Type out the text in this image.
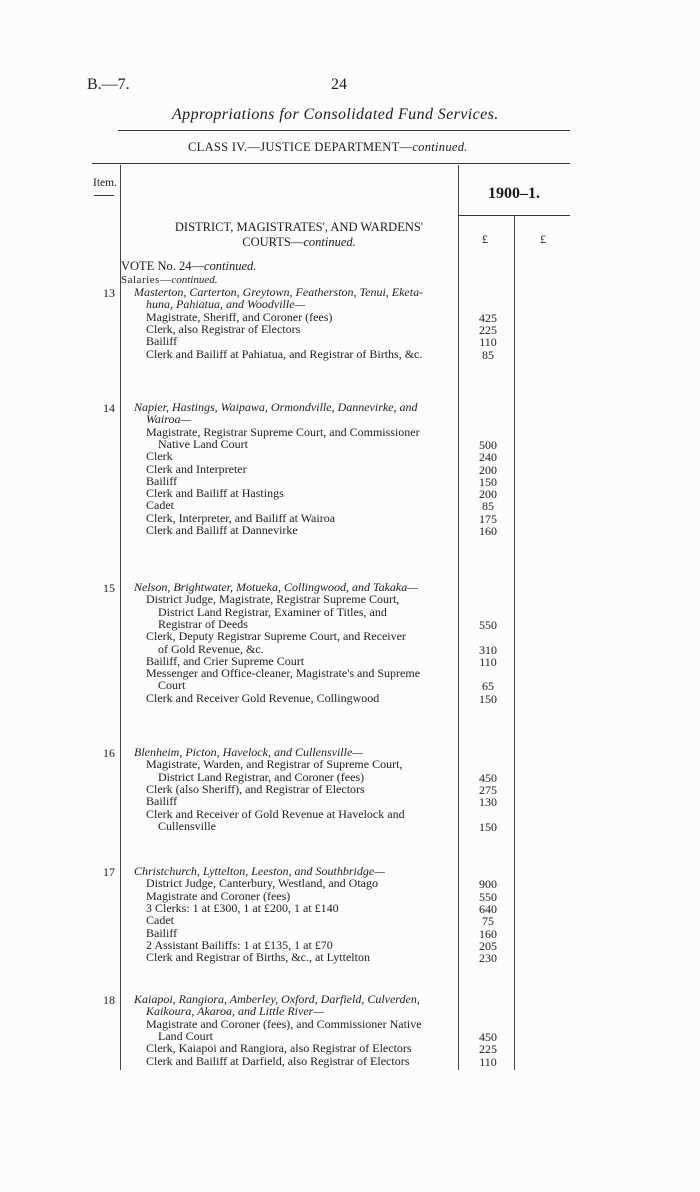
B.—7.	24
Appropriations for Consolidated Fund Services.
CLASS IV.—JUSTICE DEPARTMENT—continued.
Item.
1900–1.
£	£
DISTRICT, MAGISTRATES', AND WARDENS'
COURTS—continued.
VOTE No. 24—continued.
Salaries—continued.
13	Masterton, Carterton, Greytown, Featherston, Tenui, Eketa-
huna, Pahiatua, and Woodville—
Magistrate, Sheriff, and Coroner (fees)	425
Clerk, also Registrar of Electors	225
Bailiff	110
Clerk and Bailiff at Pahiatua, and Registrar of Births, &c.	85
14	Napier, Hastings, Waipawa, Ormondville, Dannevirke, and
Wairoa—
Magistrate, Registrar Supreme Court, and Commissioner
Native Land Court	500
Clerk	240
Clerk and Interpreter	200
Bailiff	150
Clerk and Bailiff at Hastings	200
Cadet	85
Clerk, Interpreter, and Bailiff at Wairoa	175
Clerk and Bailiff at Dannevirke	160
15	Nelson, Brightwater, Motueka, Collingwood, and Takaka—
District Judge, Magistrate, Registrar Supreme Court,
District Land Registrar, Examiner of Titles, and
Registrar of Deeds	550
Clerk, Deputy Registrar Supreme Court, and Receiver
of Gold Revenue, &c.	310
Bailiff, and Crier Supreme Court	110
Messenger and Office-cleaner, Magistrate's and Supreme
Court	65
Clerk and Receiver Gold Revenue, Collingwood	150
16	Blenheim, Picton, Havelock, and Cullensville—
Magistrate, Warden, and Registrar of Supreme Court,
District Land Registrar, and Coroner (fees)	450
Clerk (also Sheriff), and Registrar of Electors	275
Bailiff	130
Clerk and Receiver of Gold Revenue at Havelock and
Cullensville	150
17	Christchurch, Lyttelton, Leeston, and Southbridge—
District Judge, Canterbury, Westland, and Otago	900
Magistrate and Coroner (fees)	550
3 Clerks: 1 at £300, 1 at £200, 1 at £140	640
Cadet	75
Bailiff	160
2 Assistant Bailiffs: 1 at £135, 1 at £70	205
Clerk and Registrar of Births, &c., at Lyttelton	230
18	Kaiapoi, Rangiora, Amberley, Oxford, Darfield, Culverden,
Kaikoura, Akaroa, and Little River—
Magistrate and Coroner (fees), and Commissioner Native
Land Court	450
Clerk, Kaiapoi and Rangiora, also Registrar of Electors	225
Clerk and Bailiff at Darfield, also Registrar of Electors	110
